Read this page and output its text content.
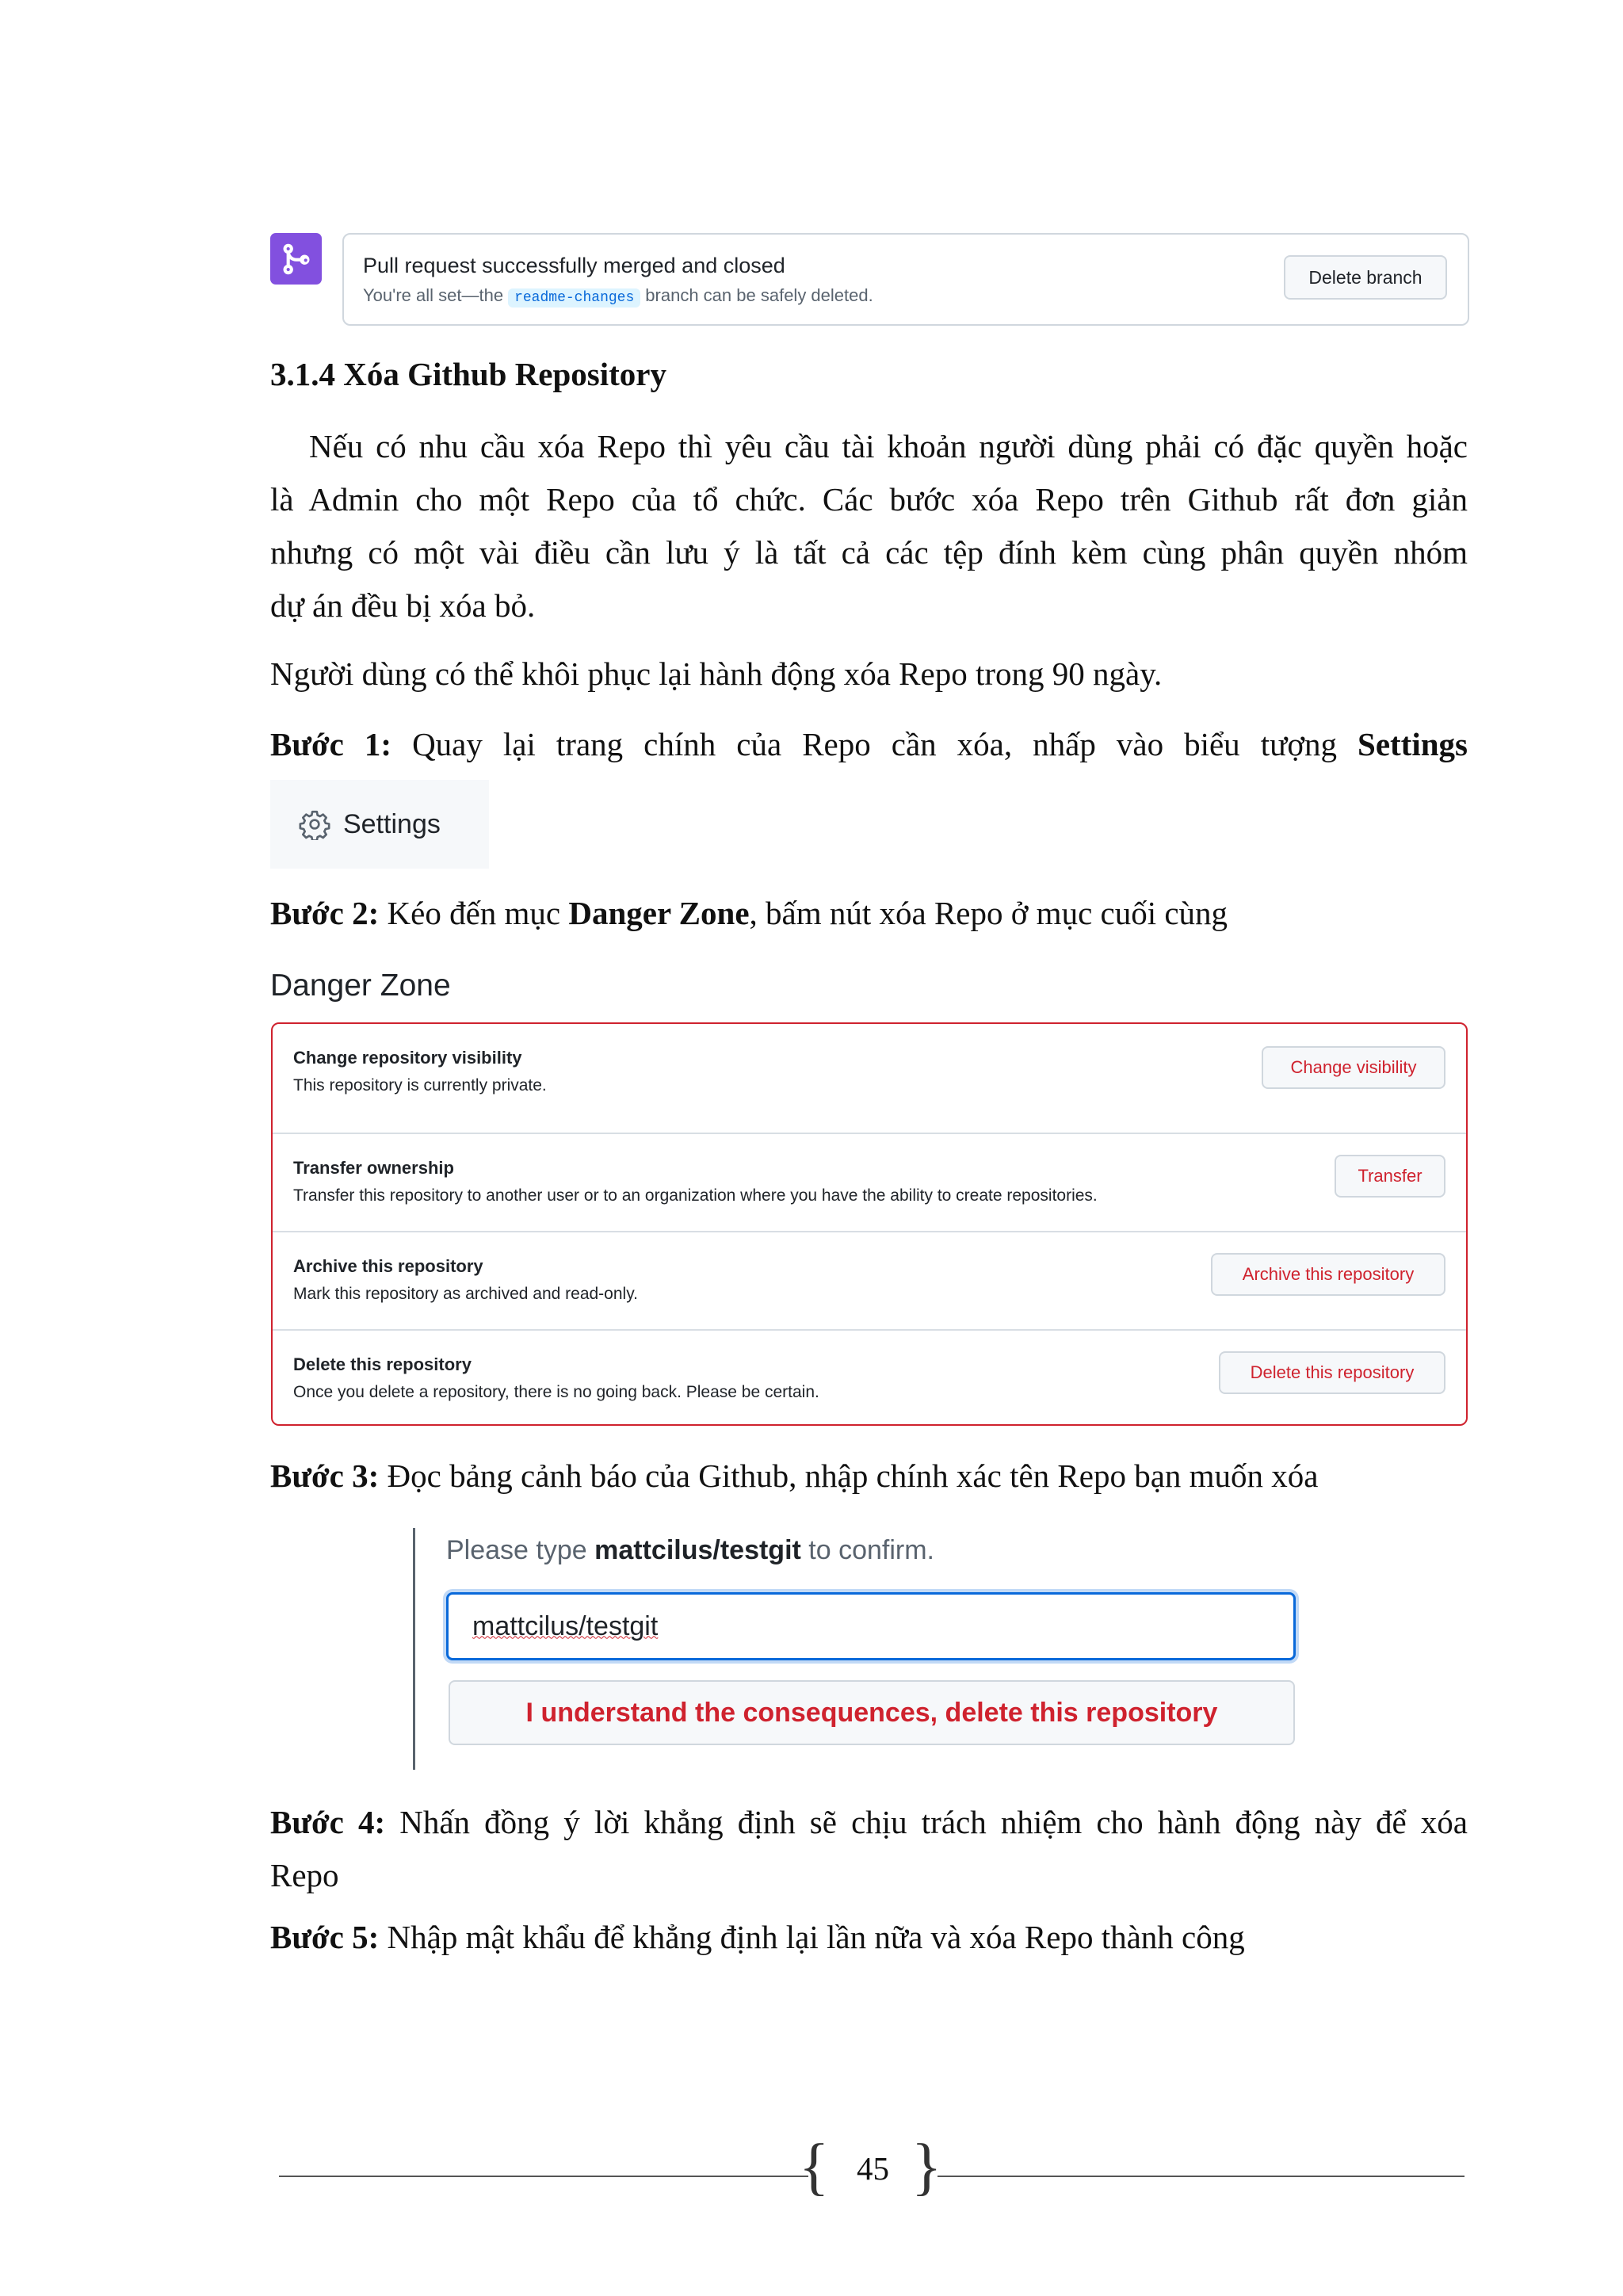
Pull request successfully merged and closed
You're all set—the readme-changes branch can be safely deleted.
Delete branch
3.1.4 Xóa Github Repository
Nếu có nhu cầu xóa Repo thì yêu cầu tài khoản người dùng phải có đặc quyền hoặc
là Admin cho một Repo của tổ chức. Các bước xóa Repo trên Github rất đơn giản
nhưng có một vài điều cần lưu ý là tất cả các tệp đính kèm cùng phân quyền nhóm
dự án đều bị xóa bỏ.
Người dùng có thể khôi phục lại hành động xóa Repo trong 90 ngày.
Bước 1: Quay lại trang chính của Repo cần xóa, nhấp vào biểu tượng Settings
Settings
Bước 2: Kéo đến mục Danger Zone, bấm nút xóa Repo ở mục cuối cùng
Danger Zone
Change repository visibility
This repository is currently private.
Change visibility
Transfer ownership
Transfer this repository to another user or to an organization where you have the ability to create repositories.
Transfer
Archive this repository
Mark this repository as archived and read-only.
Archive this repository
Delete this repository
Once you delete a repository, there is no going back. Please be certain.
Delete this repository
Bước 3: Đọc bảng cảnh báo của Github, nhập chính xác tên Repo bạn muốn xóa
Please type mattcilus/testgit to confirm.
mattcilus/testgit
I understand the consequences, delete this repository
Bước 4: Nhấn đồng ý lời khẳng định sẽ chịu trách nhiệm cho hành động này để xóa
Repo
Bước 5: Nhập mật khẩu để khẳng định lại lần nữa và xóa Repo thành công
{ }
45
